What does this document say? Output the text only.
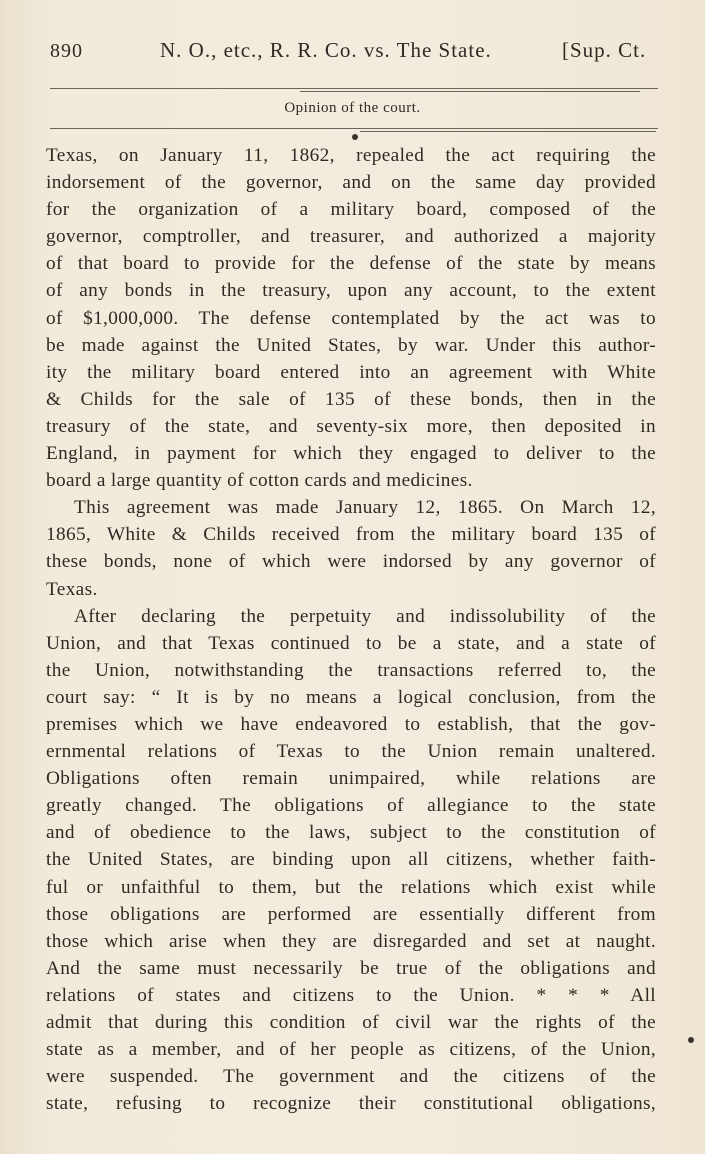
890	N. O., etc., R. R. Co. vs. The State.	[Sup. Ct.
Opinion of the court.
Texas, on January 11, 1862, repealed the act requiring the
indorsement of the governor, and on the same day provided
for the organization of a military board, composed of the
governor, comptroller, and treasurer, and authorized a majority
of that board to provide for the defense of the state by means
of any bonds in the treasury, upon any account, to the extent
of $1,000,000. The defense contemplated by the act was to
be made against the United States, by war. Under this author-
ity the military board entered into an agreement with White
& Childs for the sale of 135 of these bonds, then in the
treasury of the state, and seventy-six more, then deposited in
England, in payment for which they engaged to deliver to the
board a large quantity of cotton cards and medicines.
This agreement was made January 12, 1865. On March 12,
1865, White & Childs received from the military board 135 of
these bonds, none of which were indorsed by any governor of
Texas.
After declaring the perpetuity and indissolubility of the
Union, and that Texas continued to be a state, and a state of
the Union, notwithstanding the transactions referred to, the
court say: “ It is by no means a logical conclusion, from the
premises which we have endeavored to establish, that the gov-
ernmental relations of Texas to the Union remain unaltered.
Obligations often remain unimpaired, while relations are
greatly changed. The obligations of allegiance to the state
and of obedience to the laws, subject to the constitution of
the United States, are binding upon all citizens, whether faith-
ful or unfaithful to them, but the relations which exist while
those obligations are performed are essentially different from
those which arise when they are disregarded and set at naught.
And the same must necessarily be true of the obligations and
relations of states and citizens to the Union. * * * All
admit that during this condition of civil war the rights of the
state as a member, and of her people as citizens, of the Union,
were suspended. The government and the citizens of the
state, refusing to recognize their constitutional obligations,
